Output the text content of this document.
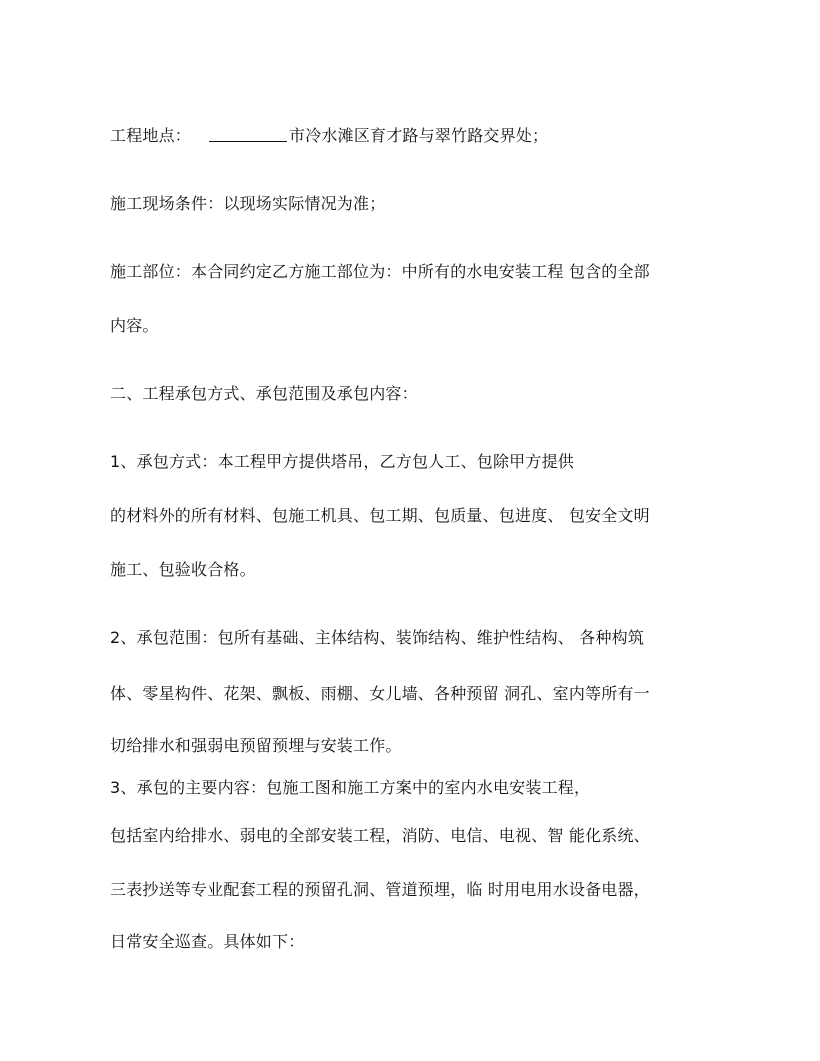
工程地点：	市冷水滩区育才路与翠竹路交界处；
施工现场条件：以现场实际情况为准；
施工部位：本合同约定乙方施工部位为：中所有的水电安装工程 包含的全部
内容。
二、工程承包方式、承包范围及承包内容：
1、承包方式：本工程甲方提供塔吊，乙方包人工、包除甲方提供
的材料外的所有材料、包施工机具、包工期、包质量、包进度、 包安全文明
施工、包验收合格。
2、承包范围：包所有基础、主体结构、装饰结构、维护性结构、 各种构筑
体、零星构件、花架、飘板、雨棚、女儿墙、各种预留 洞孔、室内等所有一
切给排水和强弱电预留预埋与安装工作。
3、承包的主要内容：包施工图和施工方案中的室内水电安装工程，
包括室内给排水、弱电的全部安装工程，消防、电信、电视、智 能化系统、
三表抄送等专业配套工程的预留孔洞、管道预埋，临 时用电用水设备电器，
日常安全巡查。具体如下：
